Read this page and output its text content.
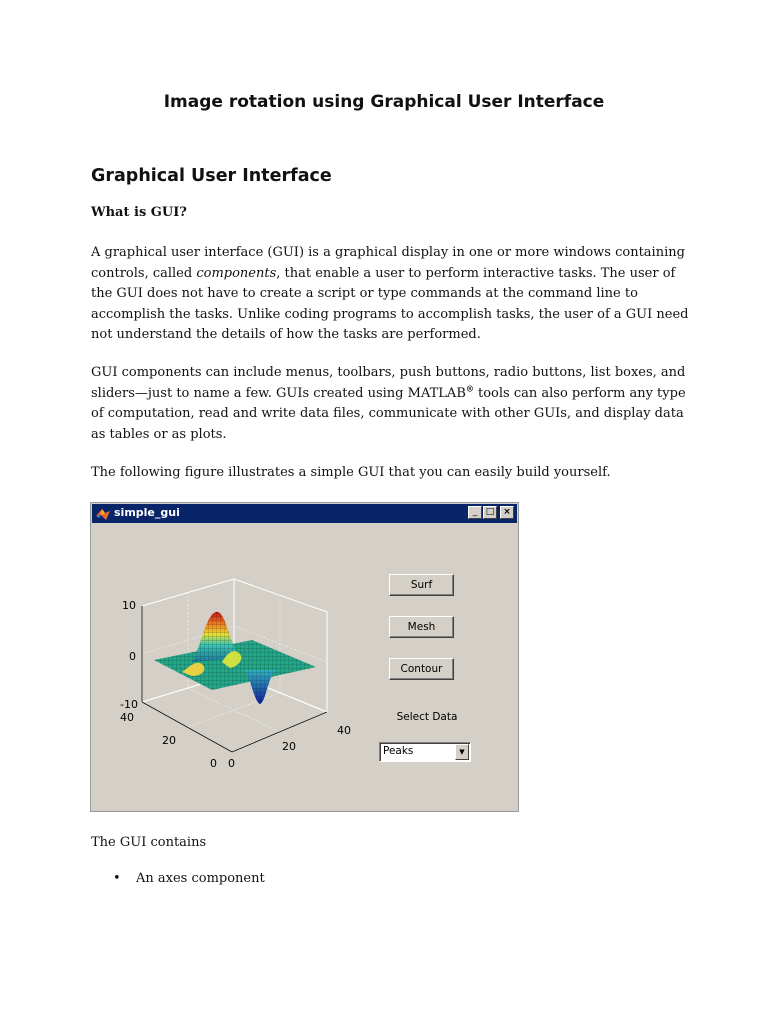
Image rotation using Graphical User Interface
Graphical User Interface
What is GUI?

A graphical user interface (GUI) is a graphical display in one or more windows containing controls, called components, that enable a user to perform interactive tasks. The user of the GUI does not have to create a script or type commands at the command line to accomplish the tasks. Unlike coding programs to accomplish tasks, the user of a GUI need not understand the details of how the tasks are performed.

GUI components can include menus, toolbars, push buttons, radio buttons, list boxes, and sliders—just to name a few. GUIs created using MATLAB® tools can also perform any type of computation, read and write data files, communicate with other GUIs, and display data as tables or as plots.

The following figure illustrates a simple GUI that you can easily build yourself.

simple_gui	_ □ ×
10
0
-10
40
20
0 0
20
40
Surf
Mesh
Contour
Select Data
Peaks	▼

The GUI contains

• An axes component
